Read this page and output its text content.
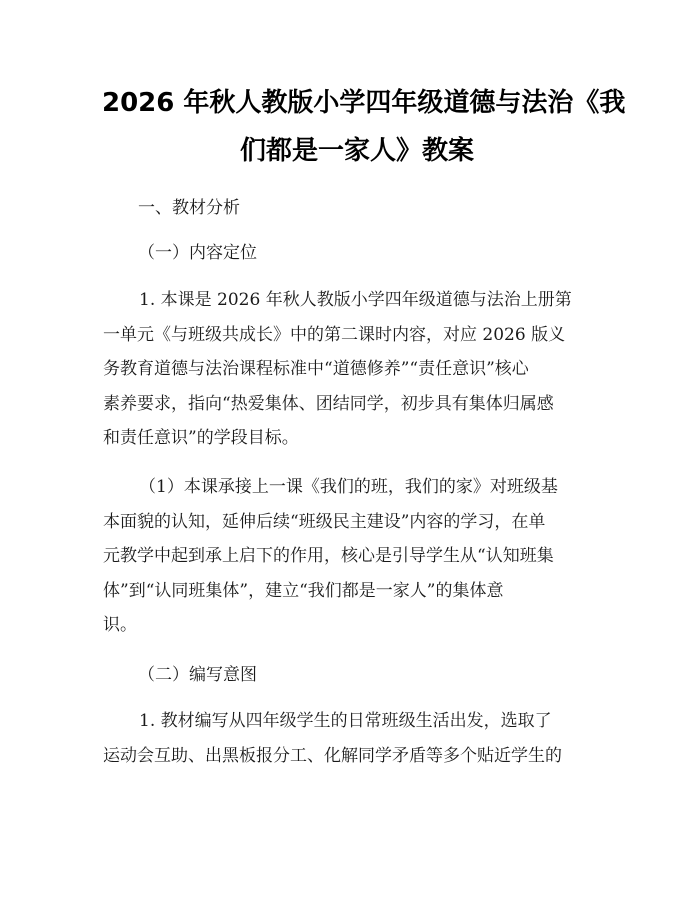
2026 年秋人教版小学四年级道德与法治《我
们都是一家人》教案
一、教材分析
（一）内容定位
1. 本课是 2026 年秋人教版小学四年级道德与法治上册第
一单元《与班级共成长》中的第二课时内容，对应 2026 版义
务教育道德与法治课程标准中“道德修养”“责任意识”核心
素养要求，指向“热爱集体、团结同学，初步具有集体归属感
和责任意识”的学段目标。
（1）本课承接上一课《我们的班，我们的家》对班级基
本面貌的认知，延伸后续“班级民主建设”内容的学习，在单
元教学中起到承上启下的作用，核心是引导学生从“认知班集
体”到“认同班集体”，建立“我们都是一家人”的集体意
识。
（二）编写意图
1. 教材编写从四年级学生的日常班级生活出发，选取了
运动会互助、出黑板报分工、化解同学矛盾等多个贴近学生的
